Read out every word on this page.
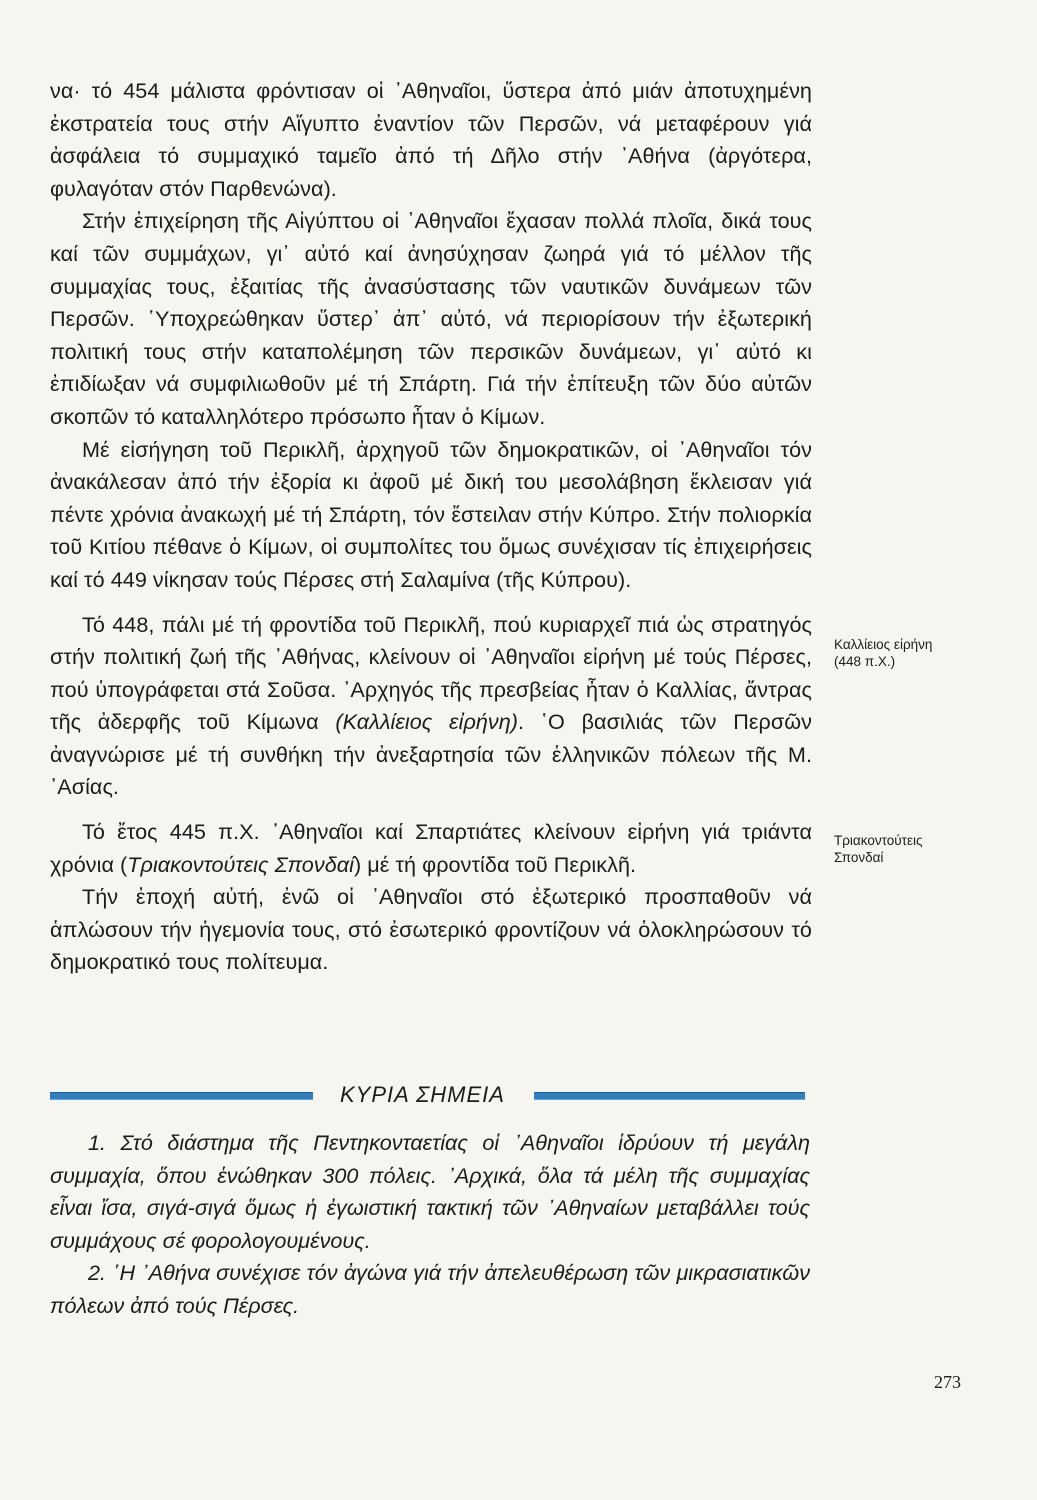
να· τό 454 μάλιστα φρόντισαν οἱ ᾿Αθηναῖοι, ὕστερα ἀπό μιάν ἀποτυχημένη ἐκστρατεία τους στήν Αἴγυπτο ἐναντίον τῶν Περσῶν, νά μεταφέρουν γιά ἀσφάλεια τό συμμαχικό ταμεῖο ἀπό τή Δῆλο στήν ᾿Αθήνα (ἀργότερα, φυλαγόταν στόν Παρθενώνα).

Στήν ἐπιχείρηση τῆς Αἰγύπτου οἱ ᾿Αθηναῖοι ἔχασαν πολλά πλοῖα, δικά τους καί τῶν συμμάχων, γι᾿ αὐτό καί ἀνησύχησαν ζωηρά γιά τό μέλλον τῆς συμμαχίας τους, ἐξαιτίας τῆς ἀνασύστασης τῶν ναυτικῶν δυνάμεων τῶν Περσῶν. ῾Υποχρεώθηκαν ὕστερ᾿ ἀπ᾿ αὐτό, νά περιορίσουν τήν ἐξωτερική πολιτική τους στήν καταπολέμηση τῶν περσικῶν δυνάμεων, γι᾿ αὐτό κι ἐπιδίωξαν νά συμφιλιωθοῦν μέ τή Σπάρτη. Γιά τήν ἐπίτευξη τῶν δύο αὐτῶν σκοπῶν τό καταλληλότερο πρόσωπο ἦταν ὁ Κίμων.

Μέ εἰσήγηση τοῦ Περικλῆ, ἀρχηγοῦ τῶν δημοκρατικῶν, οἱ ᾿Αθηναῖοι τόν ἀνακάλεσαν ἀπό τήν ἐξορία κι ἀφοῦ μέ δική του μεσολάβηση ἔκλεισαν γιά πέντε χρόνια ἀνακωχή μέ τή Σπάρτη, τόν ἔστειλαν στήν Κύπρο. Στήν πολιορκία τοῦ Κιτίου πέθανε ὁ Κίμων, οἱ συμπολίτες του ὅμως συνέχισαν τίς ἐπιχειρήσεις καί τό 449 νίκησαν τούς Πέρσες στή Σαλαμίνα (τῆς Κύπρου).

Τό 448, πάλι μέ τή φροντίδα τοῦ Περικλῆ, πού κυριαρχεῖ πιά ὡς στρατηγός στήν πολιτική ζωή τῆς ᾿Αθήνας, κλείνουν οἱ ᾿Αθηναῖοι εἰρήνη μέ τούς Πέρσες, πού ὑπογράφεται στά Σοῦσα. ᾿Αρχηγός τῆς πρεσβείας ἦταν ὁ Καλλίας, ἄντρας τῆς ἀδερφῆς τοῦ Κίμωνα (Καλλίειος εἰρήνη). ῾Ο βασιλιάς τῶν Περσῶν ἀναγνώρισε μέ τή συνθήκη τήν ἀνεξαρτησία τῶν ἑλληνικῶν πόλεων τῆς Μ. ᾿Ασίας.

Τό ἔτος 445 π.Χ. ᾿Αθηναῖοι καί Σπαρτιάτες κλείνουν εἰρήνη γιά τριάντα χρόνια (Τριακοντούτεις Σπονδαί) μέ τή φροντίδα τοῦ Περικλῆ.

Τήν ἐποχή αὐτή, ἐνῶ οἱ ᾿Αθηναῖοι στό ἐξωτερικό προσπαθοῦν νά ἁπλώσουν τήν ἡγεμονία τους, στό ἐσωτερικό φροντίζουν νά ὁλοκληρώσουν τό δημοκρατικό τους πολίτευμα.

Καλλίειος εἰρήνη
(448 π.Χ.)
Τριακοντούτεις
Σπονδαί
ΚΥΡΙΑ ΣΗΜΕΙΑ

1. Στό διάστημα τῆς Πεντηκονταετίας οἱ ᾿Αθηναῖοι ἱδρύουν τή μεγάλη συμμαχία, ὅπου ἑνώθηκαν 300 πόλεις. ᾿Αρχικά, ὅλα τά μέλη τῆς συμμαχίας εἶναι ἴσα, σιγά-σιγά ὅμως ἡ ἐγωιστική τακτική τῶν ᾿Αθηναίων μεταβάλλει τούς συμμάχους σέ φορολογουμένους.

2. ῾Η ᾿Αθήνα συνέχισε τόν ἀγώνα γιά τήν ἀπελευθέρωση τῶν μικρασιατικῶν πόλεων ἀπό τούς Πέρσες.

273
